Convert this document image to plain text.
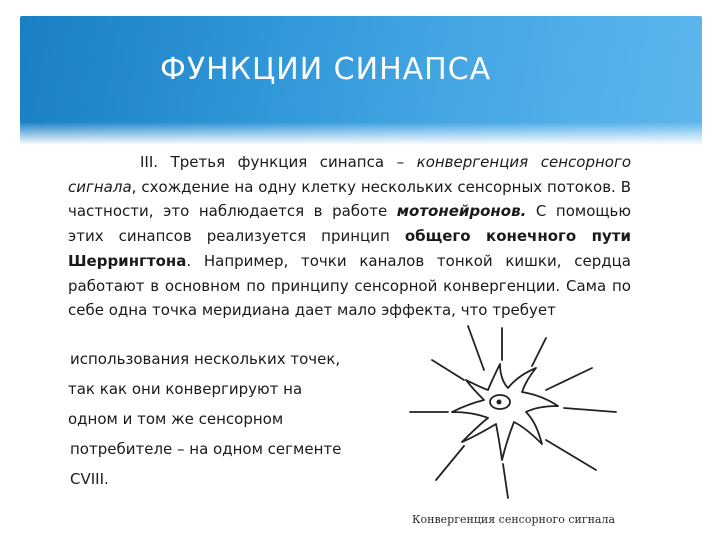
ФУНКЦИИ СИНАПСА
III. Третья функция синапса – конвергенция сенсорного сигнала, схождение на одну клетку нескольких сенсорных потоков. В частности, это наблюдается в работе мотонейронов. С помощью этих синапсов реализуется принцип общего конечного пути Шеррингтона. Например, точки каналов тонкой кишки, сердца работают в основном по принципу сенсорной конвергенции. Сама по себе одна точка меридиана дает мало эффекта, что требует
использования нескольких точек,
так как они конвергируют на
одном и том же сенсорном
потребителе – на одном сегменте
CVIII.
Конвергенция сенсорного сигнала
